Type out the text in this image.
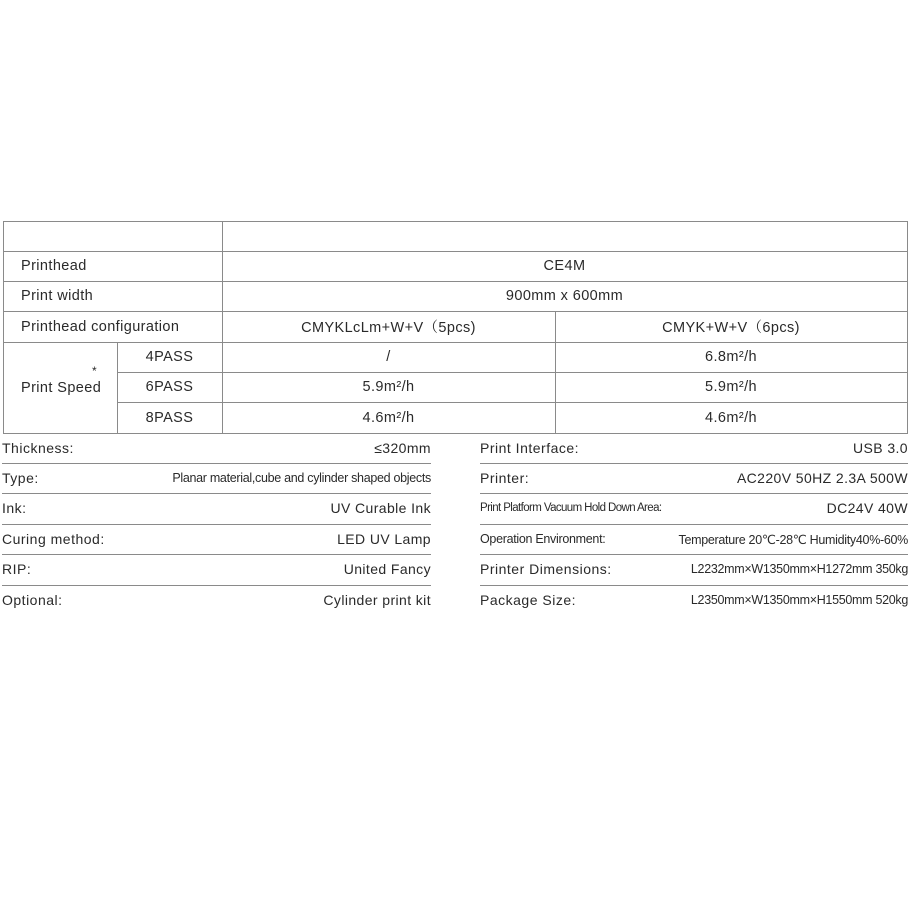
Printhead	CE4M
Print width	900mm x 600mm
Printhead configuration	CMYKLcLm+W+V（5pcs)	CMYK+W+V（6pcs)
*
Print Speed
4PASS	/	6.8m²/h
6PASS	5.9m²/h	5.9m²/h
8PASS	4.6m²/h	4.6m²/h
Thickness:	≤320mm
Type:	Planar material,cube and cylinder shaped objects
Ink:	UV Curable Ink
Curing method:	LED UV Lamp
RIP:	United Fancy
Optional:	Cylinder print kit
Print Interface:	USB 3.0
Printer:	AC220V 50HZ 2.3A 500W
Print Platform Vacuum Hold Down Area:	DC24V 40W
Operation Environment:	Temperature 20℃-28℃ Humidity40%-60%
Printer Dimensions:	L2232mm×W1350mm×H1272mm 350kg
Package Size:	L2350mm×W1350mm×H1550mm 520kg
